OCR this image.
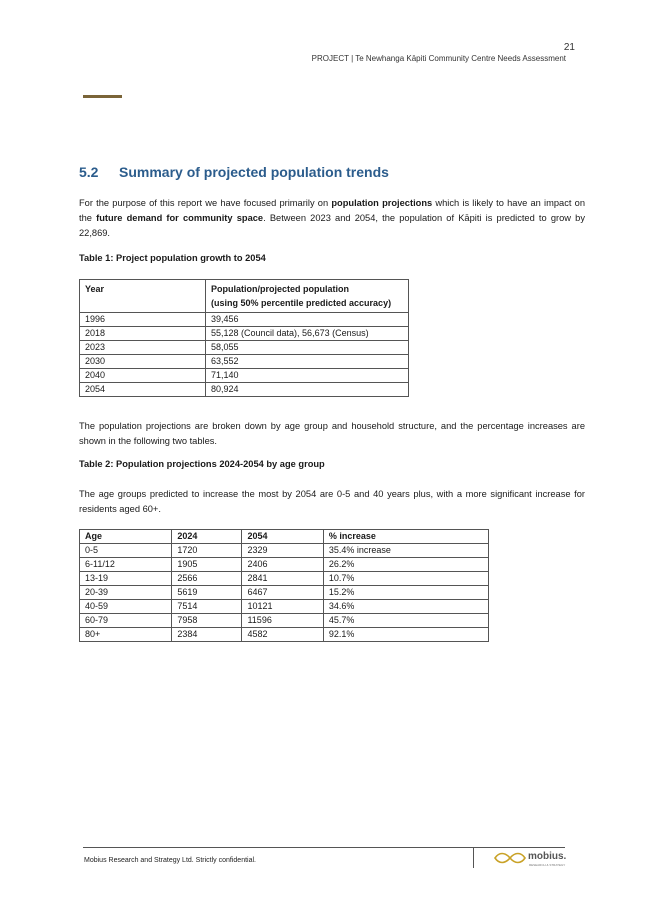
21
PROJECT | Te Newhanga Kāpiti Community Centre Needs Assessment
5.2 Summary of projected population trends

For the purpose of this report we have focused primarily on population projections which is likely to have an impact on the future demand for community space. Between 2023 and 2054, the population of Kāpiti is predicted to grow by 22,869.

Table 1: Project population growth to 2054

Year	Population/projected population
(using 50% percentile predicted accuracy)
1996	39,456
2018	55,128 (Council data), 56,673 (Census)
2023	58,055
2030	63,552
2040	71,140
2054	80,924

The population projections are broken down by age group and household structure, and the percentage increases are shown in the following two tables.

Table 2: Population projections 2024-2054 by age group

The age groups predicted to increase the most by 2054 are 0-5 and 40 years plus, with a more significant increase for residents aged 60+.

Age	2024	2054	% increase
0-5	1720	2329	35.4% increase
6-11/12	1905	2406	26.2%
13-19	2566	2841	10.7%
20-39	5619	6467	15.2%
40-59	7514	10121	34.6%
60-79	7958	11596	45.7%
80+	2384	4582	92.1%
Mobius Research and Strategy Ltd. Strictly confidential.	mobius.
RESEARCH & STRATEGY
